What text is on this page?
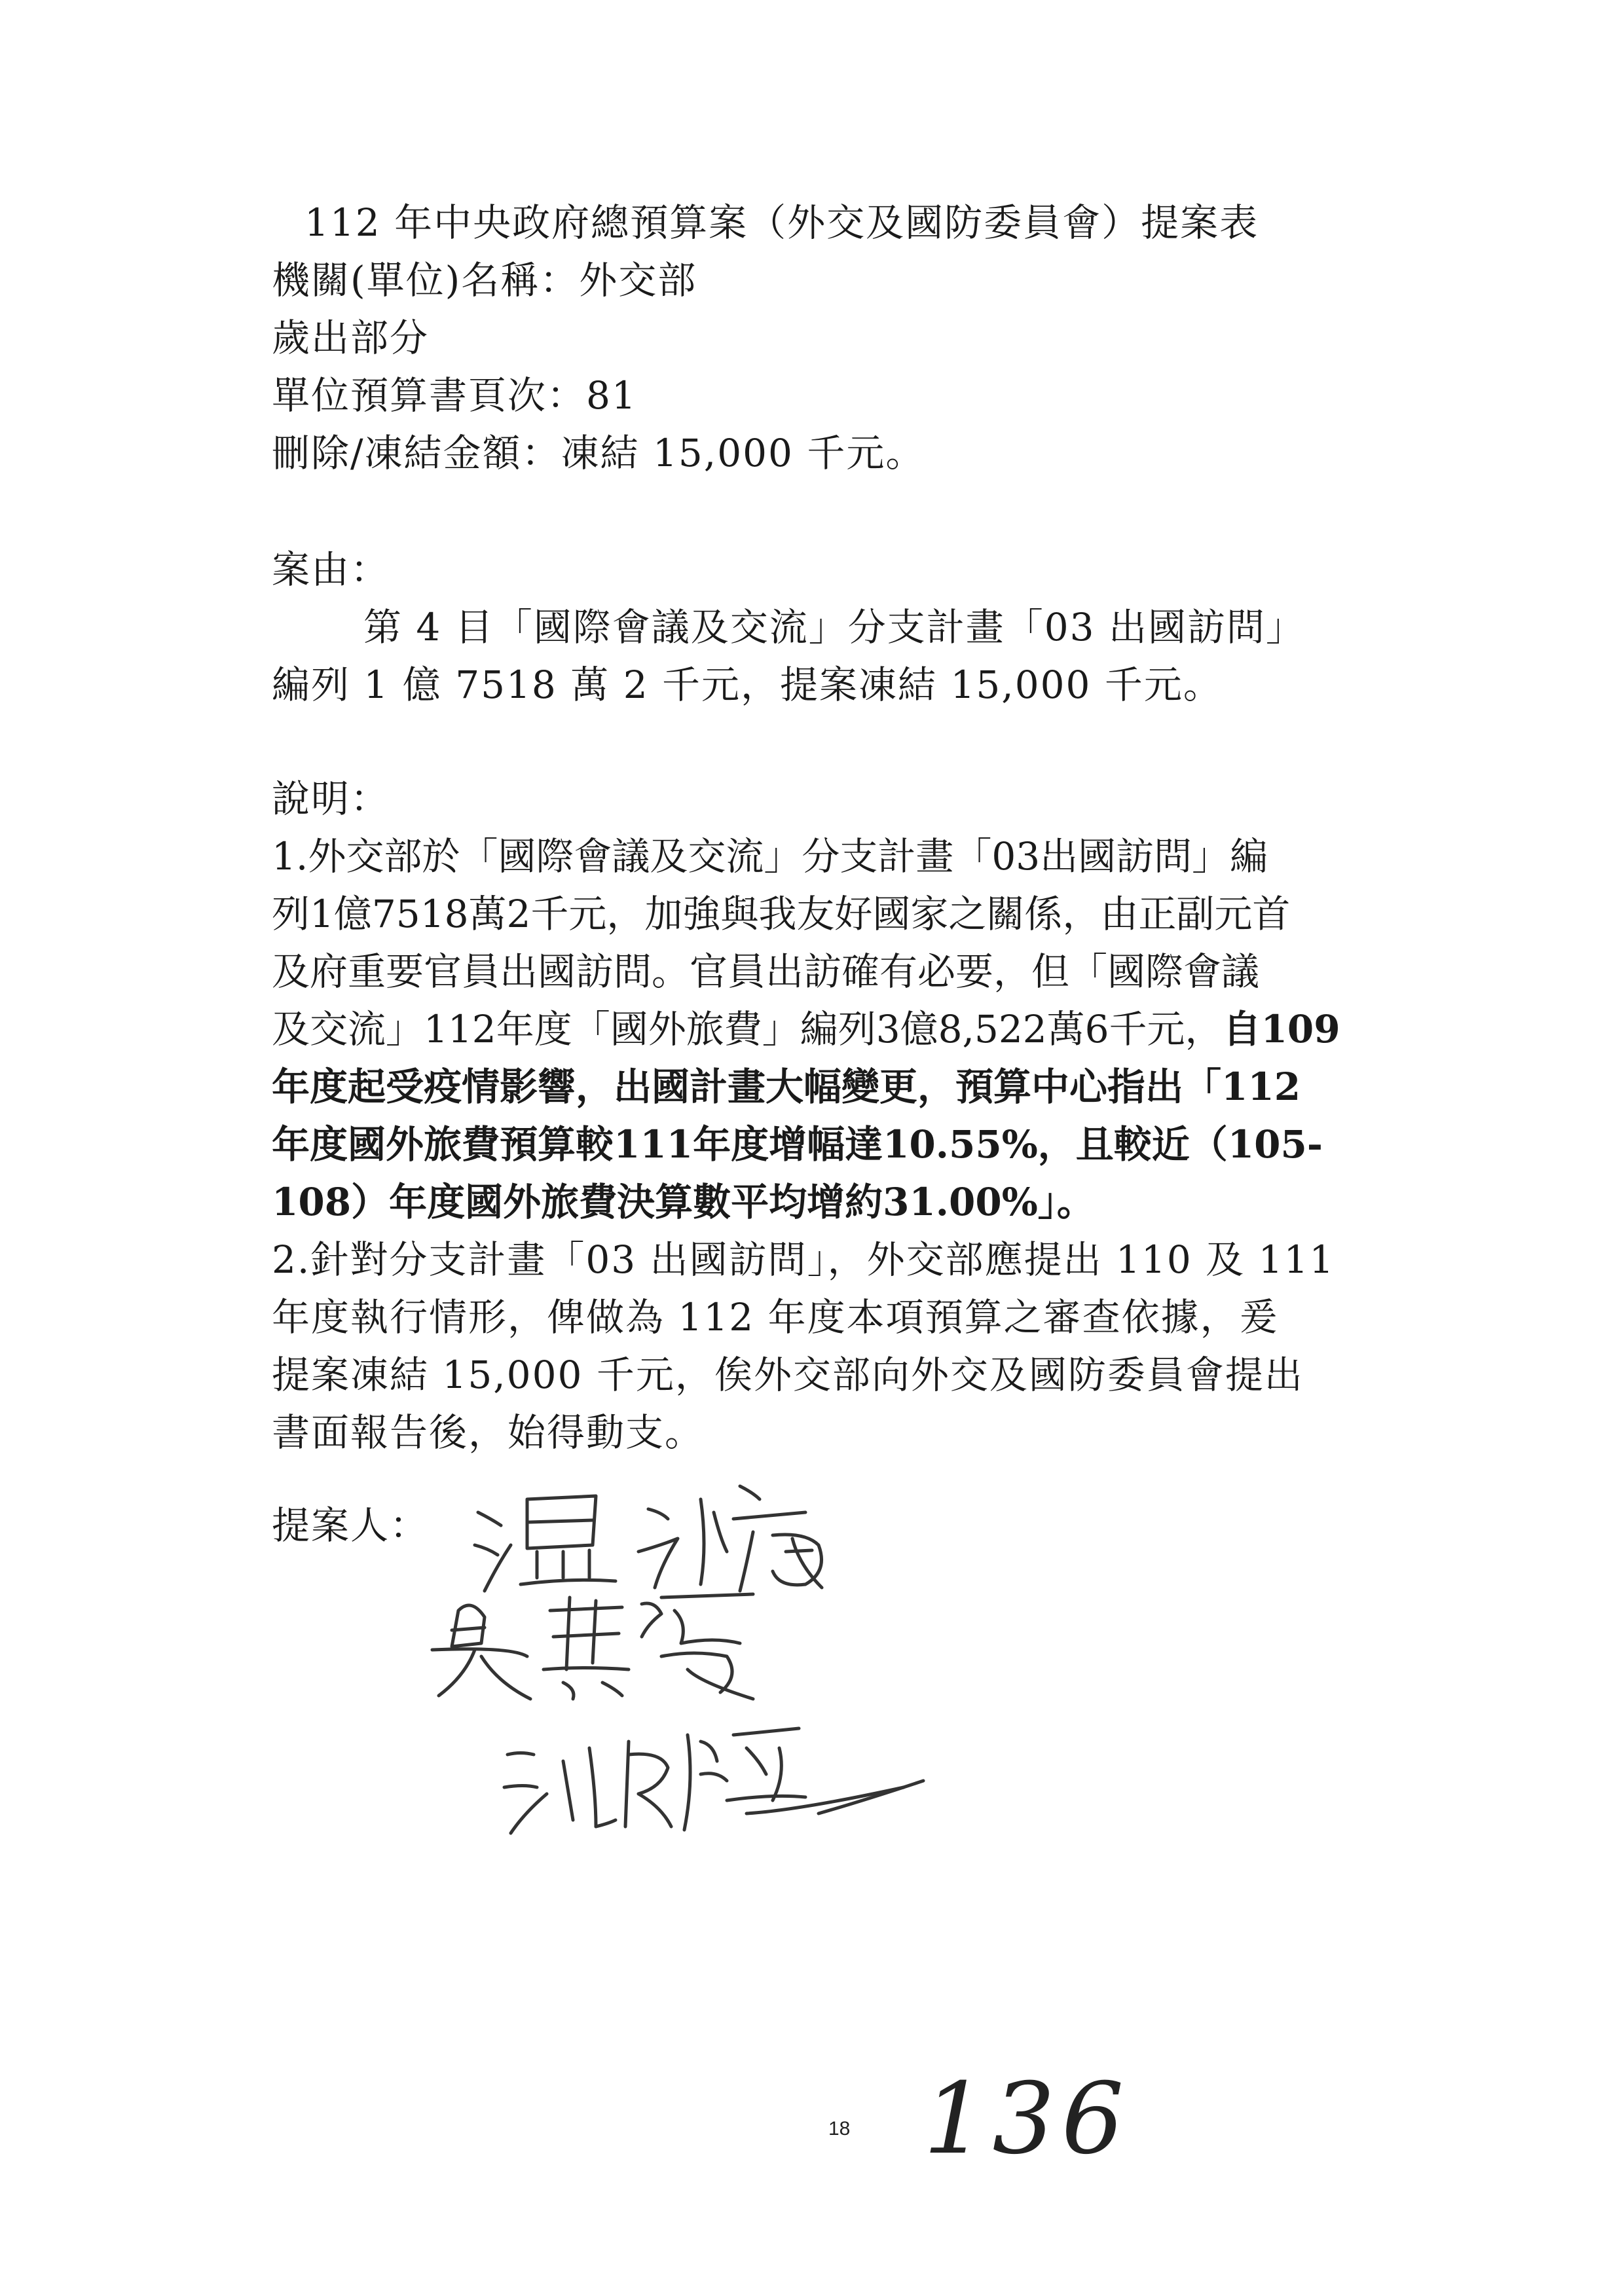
112 年中央政府總預算案（外交及國防委員會）提案表
機關(單位)名稱：外交部
歲出部分
單位預算書頁次：81
刪除/凍結金額：凍結 15,000 千元。
案由：
第 4 目「國際會議及交流」分支計畫「03 出國訪問」
編列 1 億 7518 萬 2 千元，提案凍結 15,000 千元。
說明：
1.外交部於「國際會議及交流」分支計畫「03出國訪問」編
列1億7518萬2千元，加強與我友好國家之關係，由正副元首
及府重要官員出國訪問。官員出訪確有必要，但「國際會議
及交流」112年度「國外旅費」編列3億8,522萬6千元，自109
年度起受疫情影響，出國計畫大幅變更，預算中心指出「112
年度國外旅費預算較111年度增幅達10.55%，且較近（105-
108）年度國外旅費決算數平均增約31.00%」。
2.針對分支計畫「03 出國訪問」，外交部應提出 110 及 111
年度執行情形，俾做為 112 年度本項預算之審查依據，爰
提案凍結 15,000 千元，俟外交部向外交及國防委員會提出
書面報告後，始得動支。
提案人：
18 136
